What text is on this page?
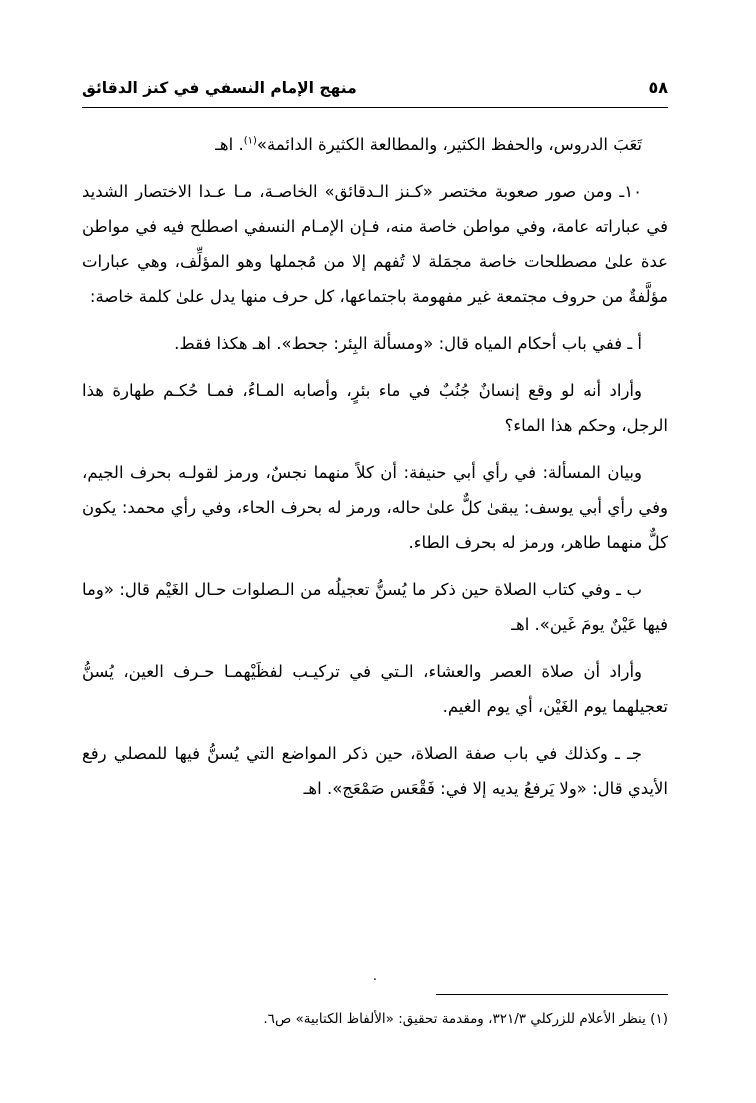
منهج الإمام النسفي في كنز الدقائق	٥٨

تَعَبَ الدروس، والحفظ الكثير، والمطالعة الكثيرة الدائمة»$^{(١)}$. اهـ

١٠ـ ومن صور صعوبة مختصر «كـنز الـدقائق» الخاصـة، مـا عـدا الاختصار الشديد في عباراته عامة، وفي مواطن خاصة منه، فـإن الإمـام النسفي اصطلح فيه في مواطن عدة علىٰ مصطلحات خاصة مجمَلة لا تُفهم إلا من مُجملها وهو المؤلِّف، وهي عبارات مؤلَّفةٌ من حروف مجتمعة غير مفهومة باجتماعها، كل حرف منها يدل علىٰ كلمة خاصة:

أ ـ ففي باب أحكام المياه قال: «ومسألة البِئر: جحط». اهـ هكذا فقط.

وأراد أنه لو وقع إنسانٌ جُنُبٌ في ماء بئرٍ، وأصابه المـاءُ، فمـا حُكـم طهارة هذا الرجل، وحكم هذا الماء؟

وبيان المسألة: في رأي أبي حنيفة: أن كلاً منهما نجسٌ، ورمز لقولـه بحرف الجيم، وفي رأي أبي يوسف: يبقىٰ كلٌّ علىٰ حاله، ورمز له بحرف الحاء، وفي رأي محمد: يكون كلٌّ منهما طاهر، ورمز له بحرف الطاء.

ب ـ وفي كتاب الصلاة حين ذكر ما يُسنُّ تعجيلُه من الـصلوات حـال الغَيْم قال: «وما فيها عَيْنٌ يومَ غَين». اهـ

وأراد أن صلاة العصر والعشاء، الـتي في تركيـب لفظَيْهمـا حـرف العين، يُسنُّ تعجيلهما يوم الغَيْن، أي يوم الغيم.

جـ ـ وكذلك في باب صفة الصلاة، حين ذكر المواضع التي يُسنُّ فيها للمصلي رفع الأيدي قال: «ولا يَرفعُ يديه إلا في: فَقْعَس صَمْعَج». اهـ

.
(١) ينظر الأعلام للزركلي ٣٢١/٣، ومقدمة تحقيق: «الألفاظ الكتابية» ص٦.
